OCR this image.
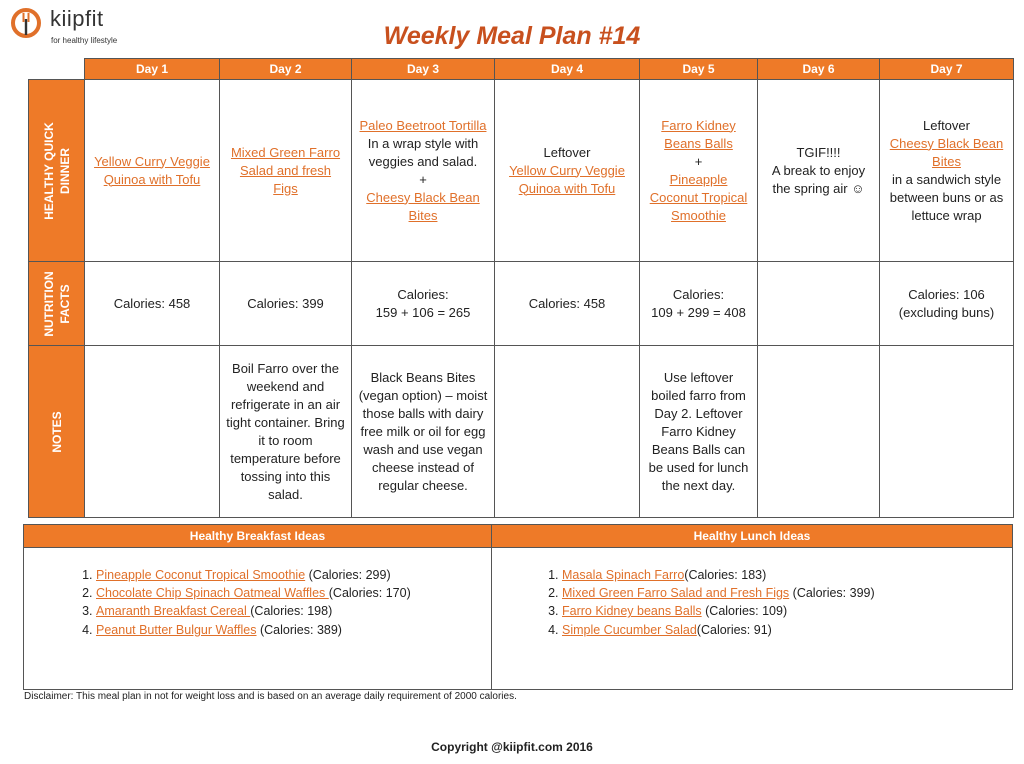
kiipfit
for healthy lifestyle	Weekly Meal Plan #14
	Day 1	Day 2	Day 3	Day 4	Day 5	Day 6	Day 7

HEALTHY QUICK DINNER	Yellow Curry Veggie Quinoa with Tofu	Mixed Green Farro Salad and fresh Figs	Paleo Beetroot Tortilla
In a wrap style with veggies and salad.
+
Cheesy Black Bean Bites	Leftover
Yellow Curry Veggie Quinoa with Tofu	Farro Kidney Beans Balls
+
Pineapple Coconut Tropical Smoothie	TGIF!!!!
A break to enjoy the spring air ☺	Leftover
Cheesy Black Bean Bites
in a sandwich style between buns or as lettuce wrap

NUTRITION FACTS	Calories: 458	Calories: 399	Calories:
159 + 106 = 265	Calories: 458	Calories:
109 + 299 = 408		Calories: 106
(excluding buns)

NOTES		Boil Farro over the weekend and refrigerate in an air tight container. Bring it to room temperature before tossing into this salad.	Black Beans Bites (vegan option) – moist those balls with dairy free milk or oil for egg wash and use vegan cheese instead of regular cheese.		Use leftover boiled farro from Day 2. Leftover Farro Kidney Beans Balls can be used for lunch the next day.		
Healthy Breakfast Ideas	Healthy Lunch Ideas
1. Pineapple Coconut Tropical Smoothie (Calories: 299)
2. Chocolate Chip Spinach Oatmeal Waffles (Calories: 170)
3. Amaranth Breakfast Cereal (Calories: 198)
4. Peanut Butter Bulgur Waffles (Calories: 389)
1. Masala Spinach Farro(Calories: 183)
2. Mixed Green Farro Salad and Fresh Figs (Calories: 399)
3. Farro Kidney beans Balls (Calories: 109)
4. Simple Cucumber Salad(Calories: 91)
Disclaimer: This meal plan in not for weight loss and is based on an average daily requirement of 2000 calories.
Copyright @kiipfit.com 2016
